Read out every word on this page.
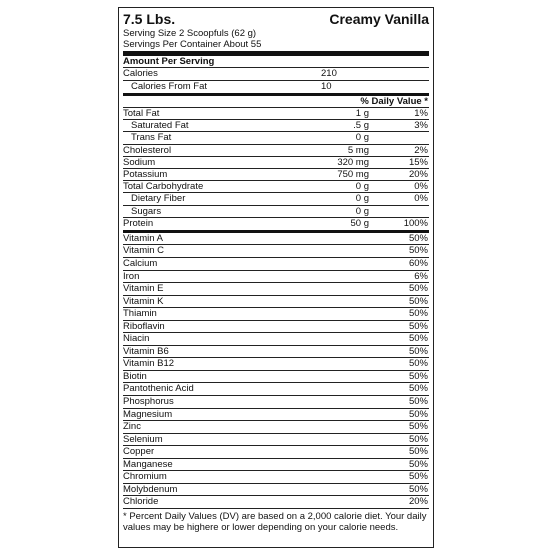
7.5 Lbs.	Creamy Vanilla
Serving Size 2 Scoopfuls (62 g)
Servings Per Container About 55
Amount Per Serving
Calories	210
Calories From Fat	10
% Daily Value *
Total Fat	1 g	1%
Saturated Fat	.5 g	3%
Trans Fat	0 g
Cholesterol	5 mg	2%
Sodium	320 mg	15%
Potassium	750 mg	20%
Total Carbohydrate	0 g	0%
Dietary Fiber	0 g	0%
Sugars	0 g
Protein	50 g	100%
Vitamin A	50%
Vitamin C	50%
Calcium	60%
Iron	6%
Vitamin E	50%
Vitamin K	50%
Thiamin	50%
Riboflavin	50%
Niacin	50%
Vitamin B6	50%
Vitamin B12	50%
Biotin	50%
Pantothenic Acid	50%
Phosphorus	50%
Magnesium	50%
Zinc	50%
Selenium	50%
Copper	50%
Manganese	50%
Chromium	50%
Molybdenum	50%
Chloride	20%
* Percent Daily Values (DV) are based on a 2,000 calorie diet. Your daily values may be highere or lower depending on your calorie needs.
